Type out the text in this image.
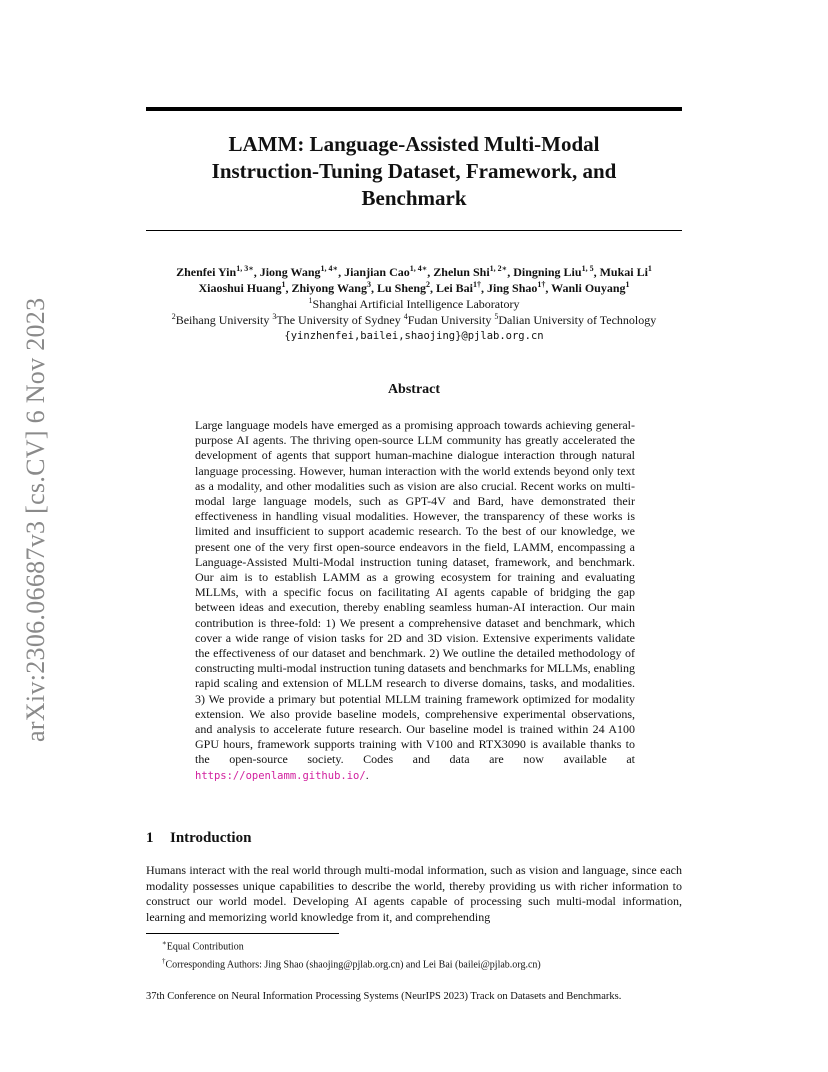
arXiv:2306.06687v3 [cs.CV] 6 Nov 2023
LAMM: Language-Assisted Multi-Modal
Instruction-Tuning Dataset, Framework, and
Benchmark
Zhenfei Yin$^{1, 3∗}$, Jiong Wang$^{1, 4∗}$, Jianjian Cao$^{1, 4∗}$, Zhelun Shi$^{1, 2∗}$, Dingning Liu$^{1, 5}$, Mukai Li$^1$
Xiaoshui Huang$^1$, Zhiyong Wang$^3$, Lu Sheng$^2$, Lei Bai$^{1\dagger}$, Jing Shao$^{1\dagger}$, Wanli Ouyang$^1$
$^1$Shanghai Artificial Intelligence Laboratory
$^2$Beihang University $^3$The University of Sydney $^4$Fudan University $^5$Dalian University of Technology
{yinzhenfei,bailei,shaojing}@pjlab.org.cn
Abstract
Large language models have emerged as a promising approach towards achieving general-purpose AI agents. The thriving open-source LLM community has greatly accelerated the development of agents that support human-machine dialogue interaction through natural language processing. However, human interaction with the world extends beyond only text as a modality, and other modalities such as vision are also crucial. Recent works on multi-modal large language models, such as GPT-4V and Bard, have demonstrated their effectiveness in handling visual modalities. However, the transparency of these works is limited and insufficient to support academic research. To the best of our knowledge, we present one of the very first open-source endeavors in the field, LAMM, encompassing a Language-Assisted Multi-Modal instruction tuning dataset, framework, and benchmark. Our aim is to establish LAMM as a growing ecosystem for training and evaluating MLLMs, with a specific focus on facilitating AI agents capable of bridging the gap between ideas and execution, thereby enabling seamless human-AI interaction. Our main contribution is three-fold: 1) We present a comprehensive dataset and benchmark, which cover a wide range of vision tasks for 2D and 3D vision. Extensive experiments validate the effectiveness of our dataset and benchmark. 2) We outline the detailed methodology of constructing multi-modal instruction tuning datasets and benchmarks for MLLMs, enabling rapid scaling and extension of MLLM research to diverse domains, tasks, and modalities. 3) We provide a primary but potential MLLM training framework optimized for modality extension. We also provide baseline models, comprehensive experimental observations, and analysis to accelerate future research. Our baseline model is trained within 24 A100 GPU hours, framework supports training with V100 and RTX3090 is available thanks to the open-source society. Codes and data are now available at https://openlamm.github.io/.
1 Introduction
Humans interact with the real world through multi-modal information, such as vision and language, since each modality possesses unique capabilities to describe the world, thereby providing us with richer information to construct our world model. Developing AI agents capable of processing such multi-modal information, learning and memorizing world knowledge from it, and comprehending
∗Equal Contribution
†Corresponding Authors: Jing Shao (shaojing@pjlab.org.cn) and Lei Bai (bailei@pjlab.org.cn)
37th Conference on Neural Information Processing Systems (NeurIPS 2023) Track on Datasets and Benchmarks.
